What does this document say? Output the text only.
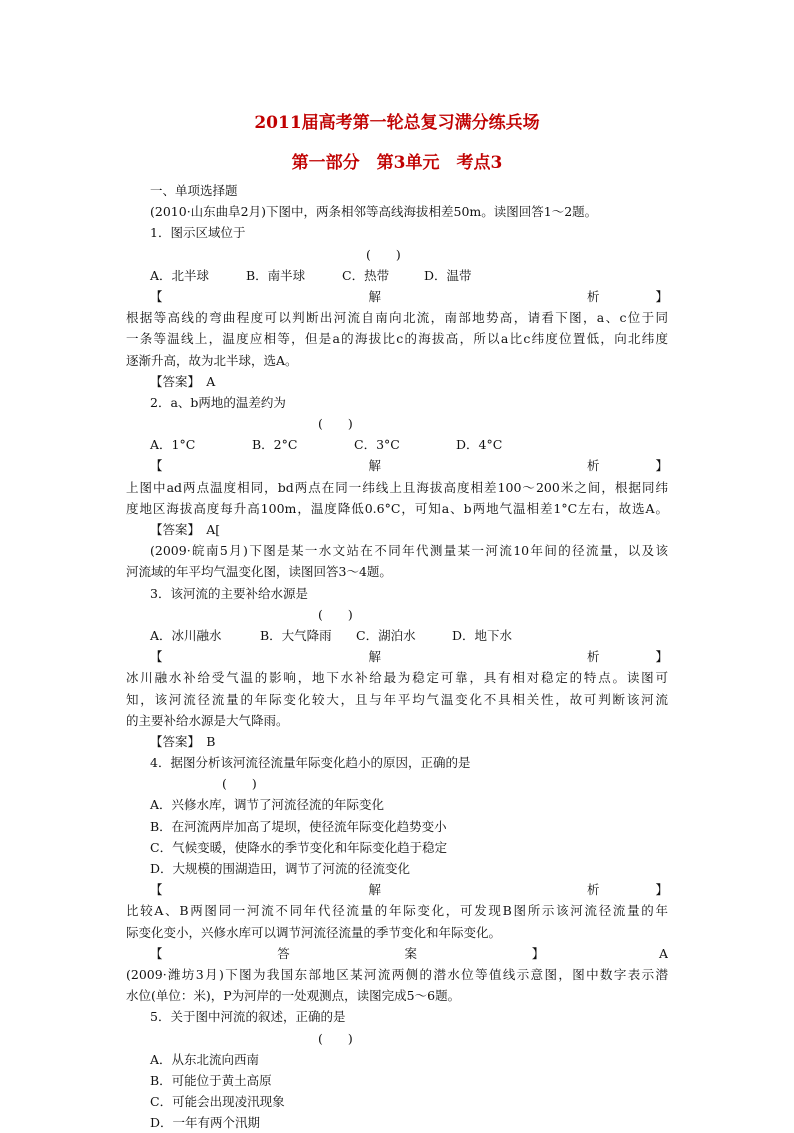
2011届高考第一轮总复习满分练兵场
第一部分　第3单元　考点3
一、单项选择题
(2010·山东曲阜2月)下图中，两条相邻等高线海拔相差50m。读图回答1～2题。
1．图示区域位于
(　　)
A．北半球	B．南半球	C．热带	D．温带
【	解	析	】
根据等高线的弯曲程度可以判断出河流自南向北流，南部地势高，请看下图，a、c位于同
一条等温线上，温度应相等，但是a的海拔比c的海拔高，所以a比c纬度位置低，向北纬度
逐渐升高，故为北半球，选A。
【答案】　A
2．a、b两地的温差约为
(　　)
A．1°C	B．2°C	C．3°C	D．4°C
【	解	析	】
上图中ad两点温度相同，bd两点在同一纬线上且海拔高度相差100～200米之间，根据同纬
度地区海拔高度每升高100m，温度降低0.6°C，可知a、b两地气温相差1°C左右，故选A。
【答案】　A[
(2009·皖南5月)下图是某一水文站在不同年代测量某一河流10年间的径流量，以及该
河流域的年平均气温变化图，读图回答3～4题。
3．该河流的主要补给水源是
(　　)
A．冰川融水	B．大气降雨 C．湖泊水	D．地下水
【	解	析	】
冰川融水补给受气温的影响，地下水补给最为稳定可靠，具有相对稳定的特点。读图可
知，该河流径流量的年际变化较大，且与年平均气温变化不具相关性，故可判断该河流
的主要补给水源是大气降雨。
【答案】　B
4．据图分析该河流径流量年际变化趋小的原因，正确的是
(　　)
A．兴修水库，调节了河流径流的年际变化
B．在河流两岸加高了堤坝，使径流年际变化趋势变小
C．气候变暖，使降水的季节变化和年际变化趋于稳定
D．大规模的围湖造田，调节了河流的径流变化
【	解	析	】
比较A、B两图同一河流不同年代径流量的年际变化，可发现B图所示该河流径流量的年
际变化变小，兴修水库可以调节河流径流量的季节变化和年际变化。
【	答	案	】	A
(2009·潍坊3月)下图为我国东部地区某河流两侧的潜水位等值线示意图，图中数字表示潜
水位(单位：米)，P为河岸的一处观测点，读图完成5～6题。
5．关于图中河流的叙述，正确的是
(　　)
A．从东北流向西南
B．可能位于黄土高原
C．可能会出现凌汛现象
D．一年有两个汛期
